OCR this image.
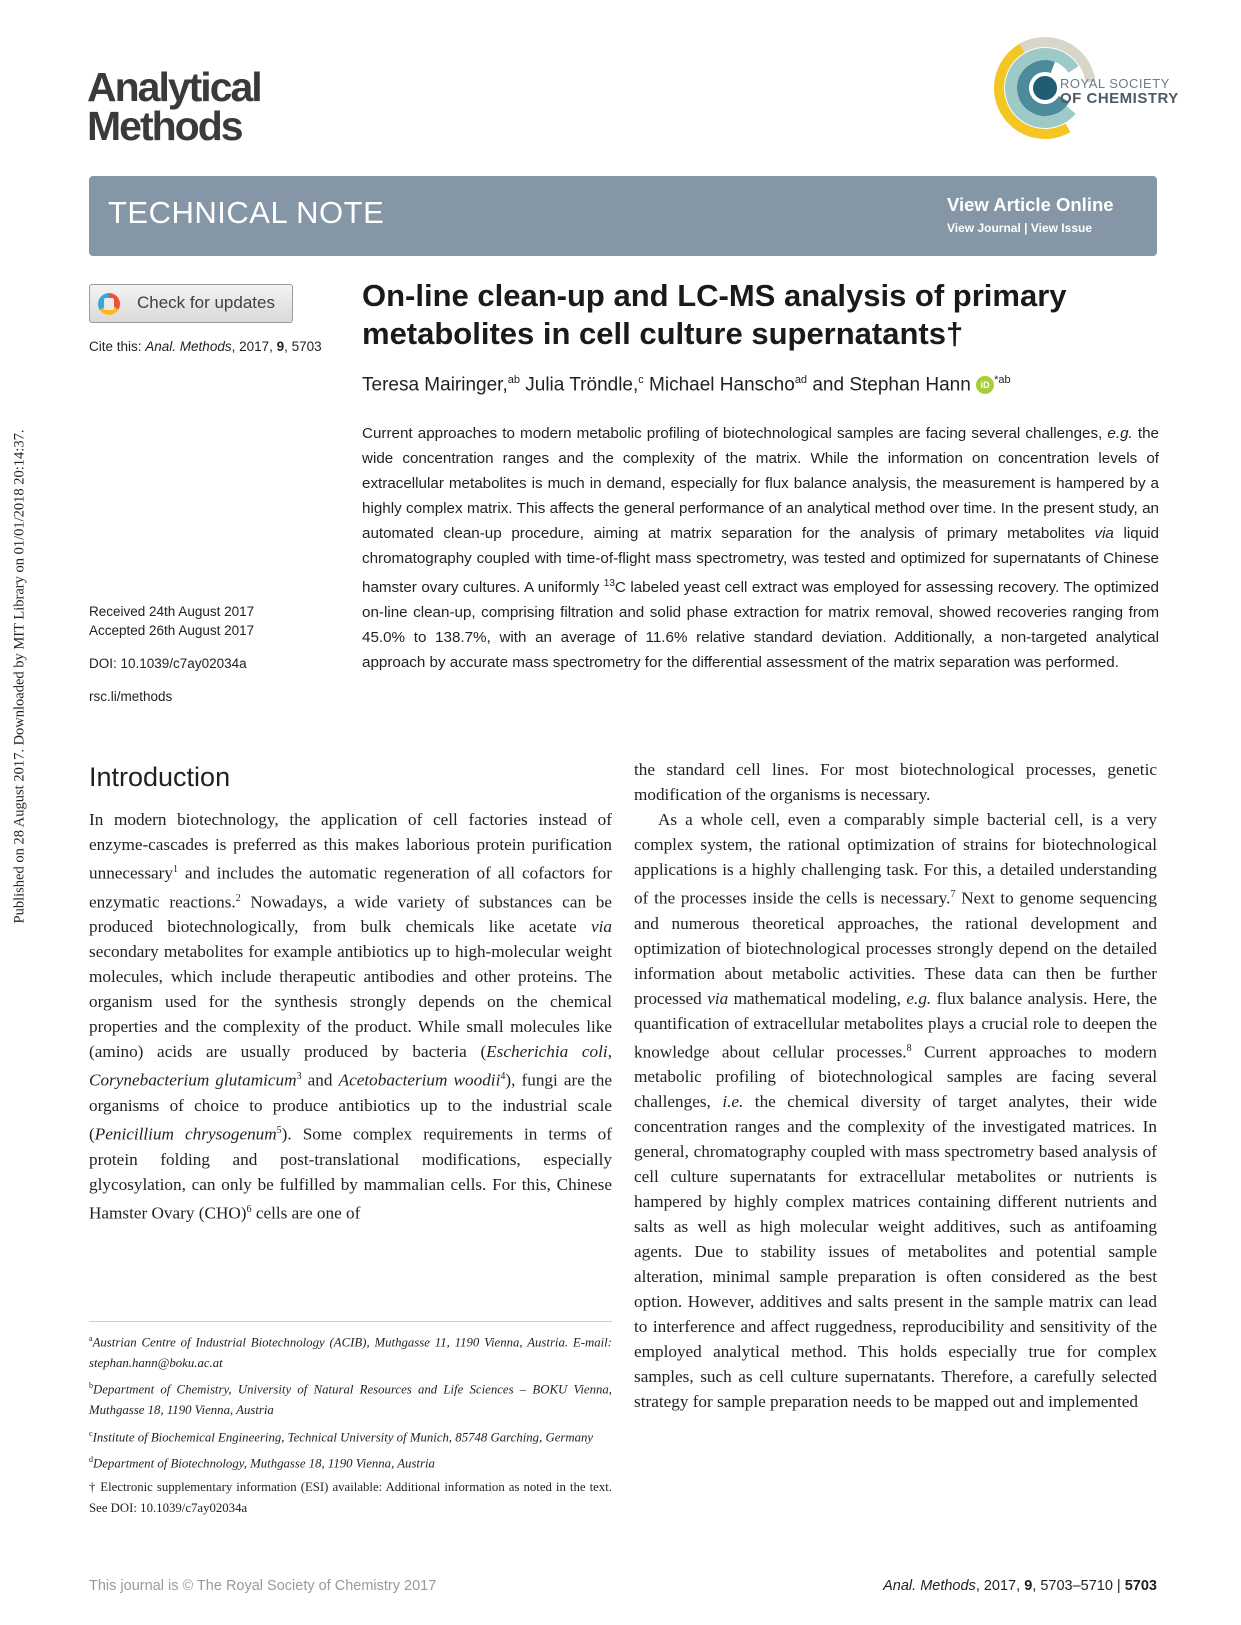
Published on 28 August 2017. Downloaded by MIT Library on 01/01/2018 20:14:37.
Analytical
Methods
ROYAL SOCIETY
OF CHEMISTRY
TECHNICAL NOTE	View Article Online
View Journal | View Issue
Check for updates
Cite this: Anal. Methods, 2017, 9, 5703
Received 24th August 2017
Accepted 26th August 2017
DOI: 10.1039/c7ay02034a
rsc.li/methods
On-line clean-up and LC-MS analysis of primary
metabolites in cell culture supernatants†
Teresa Mairinger,$^{ab}$ Julia Tröndle,$^c$ Michael Hanscho$^{ad}$ and Stephan Hann iD $^{*ab}$
Current approaches to modern metabolic profiling of biotechnological samples are facing several challenges, e.g. the wide concentration ranges and the complexity of the matrix. While the information on concentration levels of extracellular metabolites is much in demand, especially for flux balance analysis, the measurement is hampered by a highly complex matrix. This affects the general performance of an analytical method over time. In the present study, an automated clean-up procedure, aiming at matrix separation for the analysis of primary metabolites via liquid chromatography coupled with time-of-flight mass spectrometry, was tested and optimized for supernatants of Chinese hamster ovary cultures. A uniformly $^{13}$C labeled yeast cell extract was employed for assessing recovery. The optimized on-line clean-up, comprising filtration and solid phase extraction for matrix removal, showed recoveries ranging from 45.0% to 138.7%, with an average of 11.6% relative standard deviation. Additionally, a non-targeted analytical approach by accurate mass spectrometry for the differential assessment of the matrix separation was performed.
Introduction

In modern biotechnology, the application of cell factories instead of enzyme-cascades is preferred as this makes laborious protein purification unnecessary$^1$ and includes the automatic regeneration of all cofactors for enzymatic reactions.$^2$ Nowadays, a wide variety of substances can be produced biotechnologically, from bulk chemicals like acetate via secondary metabolites for example antibiotics up to high-molecular weight molecules, which include therapeutic antibodies and other proteins. The organism used for the synthesis strongly depends on the chemical properties and the complexity of the product. While small molecules like (amino) acids are usually produced by bacteria (Escherichia coli, Corynebacterium glutamicum$^3$ and Acetobacterium woodii$^4$), fungi are the organisms of choice to produce antibiotics up to the industrial scale (Penicillium chrysogenum$^5$). Some complex requirements in terms of protein folding and post-translational modifications, especially glycosylation, can only be fulfilled by mammalian cells. For this, Chinese Hamster Ovary (CHO)$^6$ cells are one of

the standard cell lines. For most biotechnological processes, genetic modification of the organisms is necessary.

As a whole cell, even a comparably simple bacterial cell, is a very complex system, the rational optimization of strains for biotechnological applications is a highly challenging task. For this, a detailed understanding of the processes inside the cells is necessary.$^7$ Next to genome sequencing and numerous theoretical approaches, the rational development and optimization of biotechnological processes strongly depend on the detailed information about metabolic activities. These data can then be further processed via mathematical modeling, e.g. flux balance analysis. Here, the quantification of extracellular metabolites plays a crucial role to deepen the knowledge about cellular processes.$^8$ Current approaches to modern metabolic profiling of biotechnological samples are facing several challenges, i.e. the chemical diversity of target analytes, their wide concentration ranges and the complexity of the investigated matrices. In general, chromatography coupled with mass spectrometry based analysis of cell culture supernatants for extracellular metabolites or nutrients is hampered by highly complex matrices containing different nutrients and salts as well as high molecular weight additives, such as antifoaming agents. Due to stability issues of metabolites and potential sample alteration, minimal sample preparation is often considered as the best option. However, additives and salts present in the sample matrix can lead to interference and affect ruggedness, reproducibility and sensitivity of the employed analytical method. This holds especially true for complex samples, such as cell culture supernatants. Therefore, a carefully selected strategy for sample preparation needs to be mapped out and implemented

$^a$Austrian Centre of Industrial Biotechnology (ACIB), Muthgasse 11, 1190 Vienna, Austria. E-mail: stephan.hann@boku.ac.at

$^b$Department of Chemistry, University of Natural Resources and Life Sciences – BOKU Vienna, Muthgasse 18, 1190 Vienna, Austria

$^c$Institute of Biochemical Engineering, Technical University of Munich, 85748 Garching, Germany

$^d$Department of Biotechnology, Muthgasse 18, 1190 Vienna, Austria

† Electronic supplementary information (ESI) available: Additional information as noted in the text. See DOI: 10.1039/c7ay02034a

This journal is © The Royal Society of Chemistry 2017	Anal. Methods, 2017, 9, 5703–5710 | 5703
